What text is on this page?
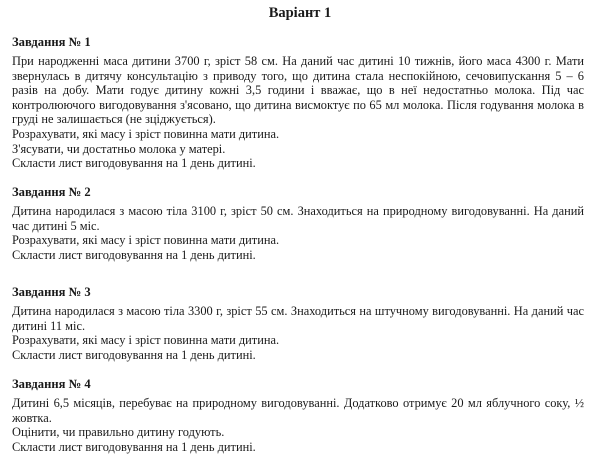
Варіант 1
Завдання № 1

При народженні маса дитини 3700 г, зріст 58 см. На даний час дитині 10 тижнів, його маса 4300 г. Мати звернулась в дитячу консультацію з приводу того, що дитина стала неспокійною, сечовипускання 5 – 6 разів на добу. Мати годує дитину кожні 3,5 години і вважає, що в неї недостатньо молока. Під час контролюючого вигодовування з'ясовано, що дитина висмоктує по 65 мл молока. Після годування молока в груді не залишається (не зціджується).

Розрахувати, які масу і зріст повинна мати дитина.

З'ясувати, чи достатньо молока у матері.

Скласти лист вигодовування на 1 день дитині.

Завдання № 2

Дитина народилася з масою тіла 3100 г, зріст 50 см. Знаходиться на природному вигодовуванні. На даний час дитині 5 міс.

Розрахувати, які масу і зріст повинна мати дитина.

Скласти лист вигодовування на 1 день дитині.

Завдання № 3

Дитина народилася з масою тіла 3300 г, зріст 55 см. Знаходиться на штучному вигодовуванні. На даний час дитині 11 міс.

Розрахувати, які масу і зріст повинна мати дитина.

Скласти лист вигодовування на 1 день дитині.

Завдання № 4

Дитині 6,5 місяців, перебуває на природному вигодовуванні. Додатково отримує 20 мл яблучного соку, ½ жовтка.

Оцінити, чи правильно дитину годують.

Скласти лист вигодовування на 1 день дитині.
